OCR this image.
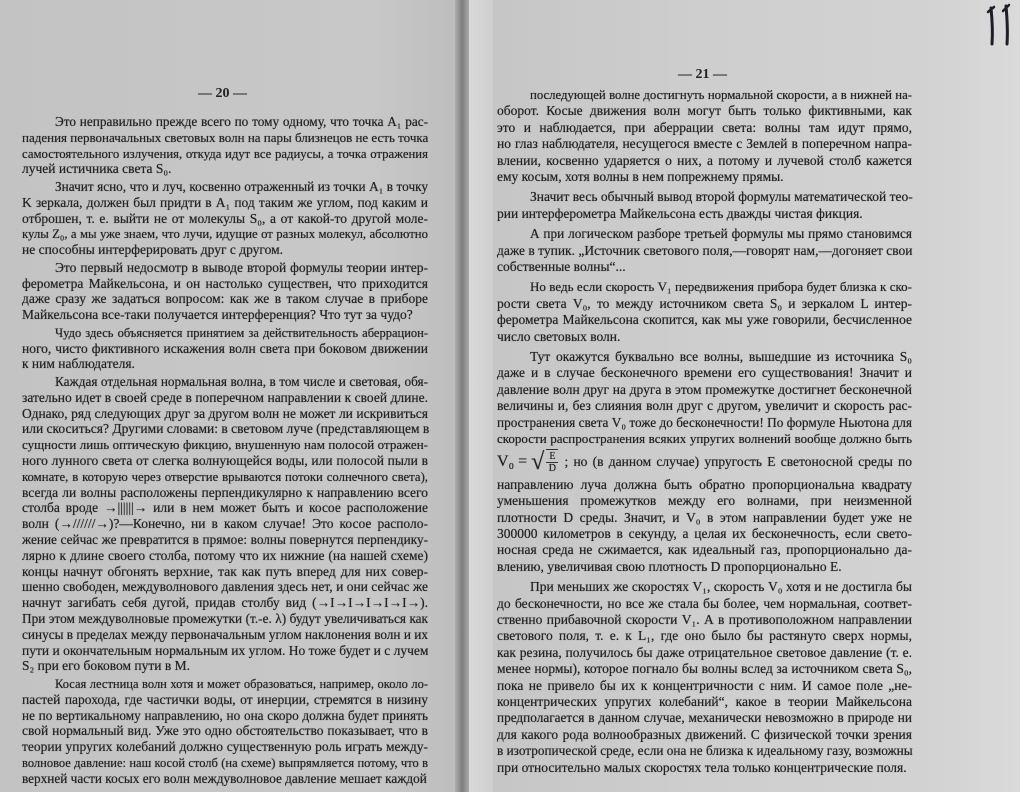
— 20 —
Это неправильно прежде всего по тому одному, что точка A₁ рас-
падения первоначальных световых волн на пары близнецов не есть точка
самостоятельного излучения, откуда идут все радиусы, а точка отражения
лучей истичника света S₀.
Значит ясно, что и луч, косвенно отраженный из точки A₁ в точку
K зеркала, должен был придти в A₁ под таким же углом, под каким и
отброшен, т. е. выйти не от молекулы S₀, а от какой-то другой моле-
кулы Z₀, а мы уже знаем, что лучи, идущие от разных молекул, абсолютно
не способны интерферировать друг с другом.
Это первый недосмотр в выводе второй формулы теории интер-
ферометра Майкельсона, и он настолько существен, что приходится
даже сразу же задаться вопросом: как же в таком случае в приборе
Майкельсона все-таки получается интерференция? Что тут за чудо?
Чудо здесь объясняется принятием за действительность аберрацион-
ного, чисто фиктивного искажения волн света при боковом движении
к ним наблюдателя.
Каждая отдельная нормальная волна, в том числе и световая, обя-
зательно идет в своей среде в поперечном направлении к своей длине.
Однако, ряд следующих друг за другом волн не может ли искривиться
или скоситься? Другими словами: в световом луче (представляющем в
сущности лишь оптическую фикцию, внушенную нам полосой отражен-
ного лунного света от слегка волнующейся воды, или полосой пыли в
комнате, в которую через отверстие врываются потоки солнечного света),
всегда ли волны расположены перпендикулярно к направлению всего
столба вроде →||||||→ или в нем может быть и косое расположение
волн (→//////→)?—Конечно, ни в каком случае! Это косое располо-
жение сейчас же превратится в прямое: волны повернутся перпендику-
лярно к длине своего столба, потому что их нижние (на нашей схеме)
концы начнут обгонять верхние, так как путь вперед для них совер-
шенно свободен, междуволнового давления здесь нет, и они сейчас же
начнут загибать себя дугой, придав столбу вид (→I→I→I→I→I→).
При этом междуволновые промежутки (т.-е. λ) будут увеличиваться как
синусы в пределах между первоначальным углом наклонения волн и их
пути и окончательным нормальным их углом. Но тоже будет и с лучем
S₂ при его боковом пути в M.
Косая лестница волн хотя и может образоваться, например, около ло-
пастей парохода, где частички воды, от инерции, стремятся в низину
не по вертикальному направлению, но она скоро должна будет принять
свой нормальный вид. Уже это одно обстоятельство показывает, что в
теории упругих колебаний должно существенную роль играть между-
волновое давление: наш косой столб (на схеме) выпрямляется потому, что в
верхней части косых его волн междуволновое давление мешает каждой
— 21 —
последующей волне достигнуть нормальной скорости, а в нижней на-
оборот. Косые движения волн могут быть только фиктивными, как
это и наблюдается, при аберрации света: волны там идут прямо,
но глаз наблюдателя, несущегося вместе с Землей в поперечном напра-
влении, косвенно ударяется о них, а потому и лучевой столб кажется
ему косым, хотя волны в нем попрежнему прямы.
Значит весь обычный вывод второй формулы математической тео-
рии интерферометра Майкельсона есть дважды чистая фикция.
А при логическом разборе третьей формулы мы прямо становимся
даже в тупик. „Источник светового поля,—говорят нам,—догоняет свои
собственные волны“...
Но ведь если скорость V₁ передвижения прибора будет близка к ско-
рости света V₀, то между источником света S₀ и зеркалом L интер-
ферометра Майкельсона скопится, как мы уже говорили, бесчисленное
число световых волн.
Тут окажутся буквально все волны, вышедшие из источника S₀
даже и в случае бесконечного времени его существования! Значит и
давление волн друг на друга в этом промежутке достигнет бесконечной
величины и, без слияния волн друг с другом, увеличит и скорость рас-
пространения света V₀ тоже до бесконечности! По формуле Ньютона для
скорости распространения всяких упругих волнений вообще должно быть
V₀ = √ $\frac{E}{D}$ ; но (в данном случае) упругость E светоносной среды по
направлению луча должна быть обратно пропорциональна квадрату
уменьшения промежутков между его волнами, при неизменной
плотности D среды. Значит, и V₀ в этом направлении будет уже не
300000 километров в секунду, а целая их бесконечность, если свето-
носная среда не сжимается, как идеальный газ, пропорционально да-
влению, увеличивая свою плотность D пропорционально E.
При меньших же скоростях V₁, скорость V₀ хотя и не достигла бы
до бесконечности, но все же стала бы более, чем нормальная, соответ-
ственно прибавочной скорости V₁. А в противоположном направлении
светового поля, т. е. к L₁, где оно было бы растянуто сверх нормы,
как резина, получилось бы даже отрицательное световое давление (т. е.
менее нормы), которое погнало бы волны вслед за источником света S₀,
пока не привело бы их к концентричности с ним. И самое поле „не-
концентрических упругих колебаний“, какое в теории Майкельсона
предполагается в данном случае, механически невозможно в природе ни
для какого рода волнообразных движений. С физической точки зрения
в изотропической среде, если она не близка к идеальному газу, возможны
при относительно малых скоростях тела только концентрические поля.
